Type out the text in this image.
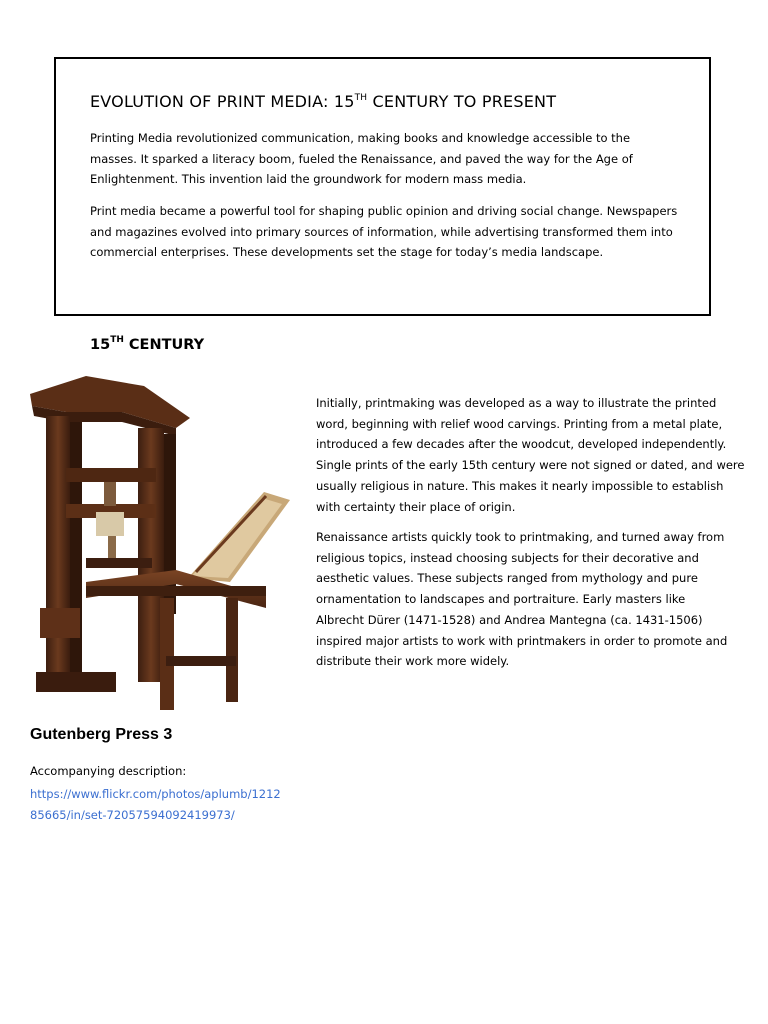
EVOLUTION OF PRINT MEDIA: 15TH CENTURY TO PRESENT

Printing Media revolutionized communication, making books and knowledge accessible to the masses. It sparked a literacy boom, fueled the Renaissance, and paved the way for the Age of Enlightenment. This invention laid the groundwork for modern mass media.

Print media became a powerful tool for shaping public opinion and driving social change. Newspapers and magazines evolved into primary sources of information, while advertising transformed them into commercial enterprises. These developments set the stage for today’s media landscape.

15TH CENTURY
Gutenberg Press 3
Accompanying description:
https://www.flickr.com/photos/aplumb/121285665/in/set-72057594092419973/

Initially, printmaking was developed as a way to illustrate the printed word, beginning with relief wood carvings. Printing from a metal plate, introduced a few decades after the woodcut, developed independently. Single prints of the early 15th century were not signed or dated, and were usually religious in nature. This makes it nearly impossible to establish with certainty their place of origin.

Renaissance artists quickly took to printmaking, and turned away from religious topics, instead choosing subjects for their decorative and aesthetic values. These subjects ranged from mythology and pure ornamentation to landscapes and portraiture. Early masters like Albrecht Dürer (1471-1528) and Andrea Mantegna (ca. 1431-1506) inspired major artists to work with printmakers in order to promote and distribute their work more widely.
